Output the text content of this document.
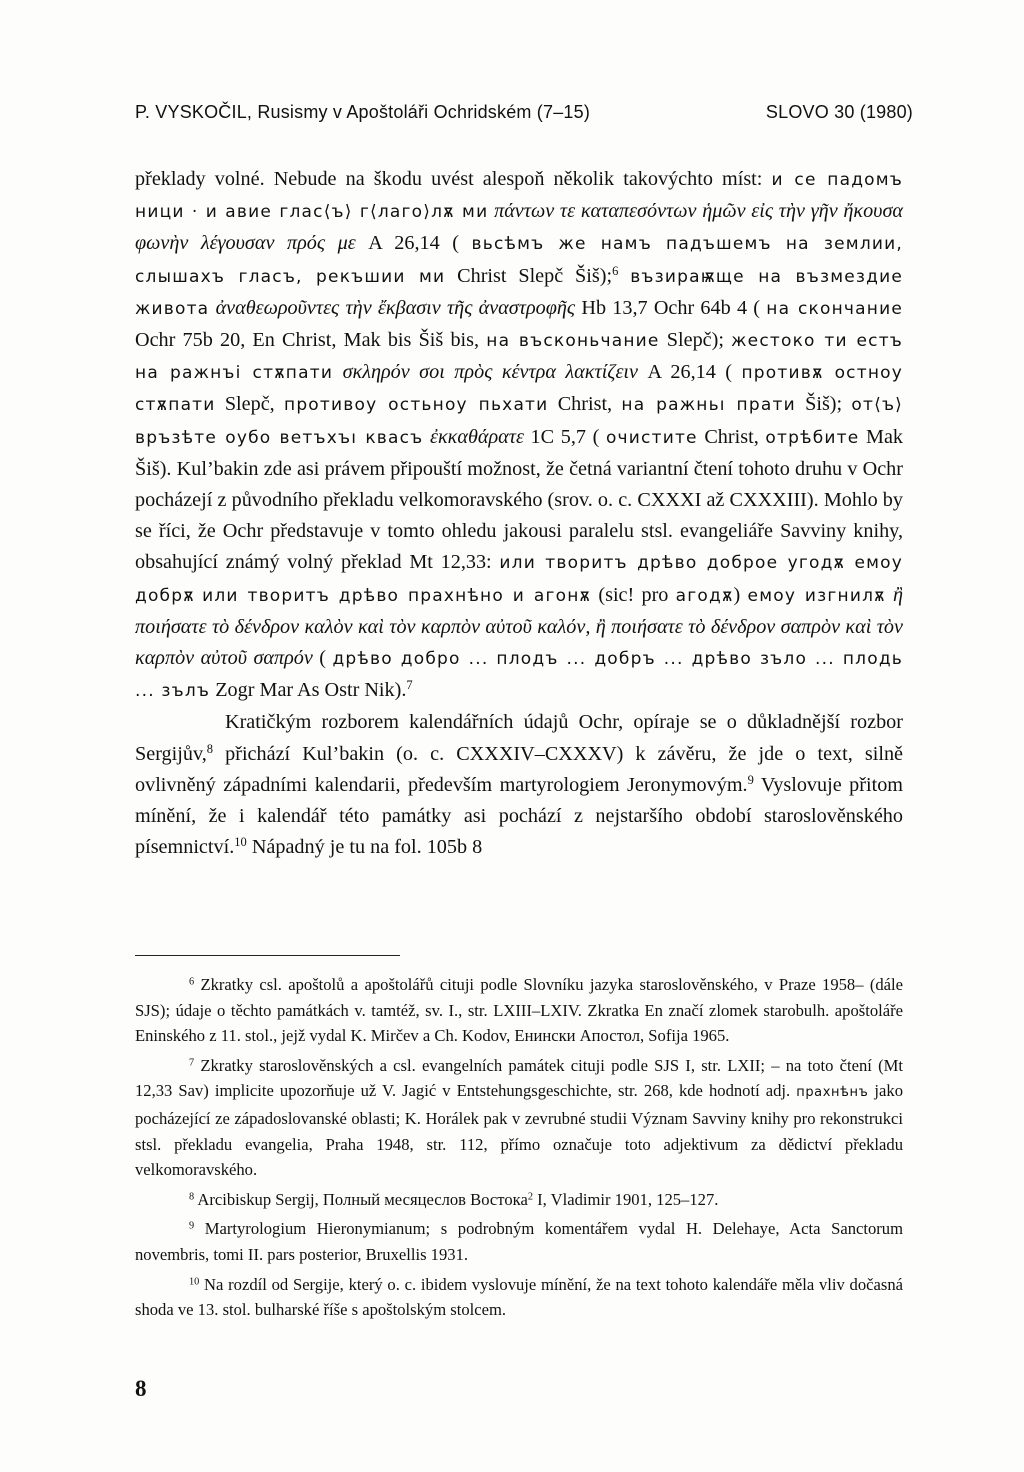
P. VYSKOČIL, Rusismy v Apoštoláři Ochridském (7–15)	SLOVO 30 (1980)

překlady volné. Nebude na škodu uvést alespoň několik takovýchto míst: и се падомъ ници · и авие глас⟨ъ⟩ г⟨лаго⟩лѫ ми πάντων τε καταπεσόντων ἡμῶν εἰς τὴν γῆν ἤκουσα φωνὴν λέγουσαν πρός με A 26,14 ( вьсѣмъ же намъ падъшемъ на землии, слышахъ гласъ, рекъшии ми Christ Slepč Šiš);$^6$ възираѭще на възмездие живота ἀναθεωροῦντες τὴν ἔκβασιν τῆς ἀναστροφῆς Hb 13,7 Ochr 64b 4 ( на скончание Ochr 75b 20, En Christ, Mak bis Šiš bis, на въсконьчание Slepč); жестоко ти естъ на ражнъі стѫпати σκληρόν σοι πρὸς κέντρα λακτίζειν A 26,14 ( противѫ остноу стѫпати Slepč, противоу остьноу пьхати Christ, на ражньı прати Šiš); от⟨ъ⟩връзѣте оубо ветъхъı квасъ ἐκκαθάρατε 1C 5,7 ( очистите Christ, отрѣбите Mak Šiš). Kul’bakin zde asi právem připouští možnost, že četná variantní čtení tohoto druhu v Ochr pocházejí z původního překladu velkomoravského (srov. o. c. CXXXI až CXXXIII). Mohlo by se říci, že Ochr představuje v tomto ohledu jakousi paralelu stsl. evangeliáře Savviny knihy, obsahující známý volný překlad Mt 12,33: или творитъ дрѣво доброе угодѫ емоу добрѫ или творитъ дрѣво прахнѣно и агонѫ (sic! pro агодѫ) емоу изгнилѫ ἢ ποιήσατε τὸ δένδρον καλὸν καὶ τὸν καρπὸν αὐτοῦ καλόν, ἢ ποιήσατε τὸ δένδρον σαπρὸν καὶ τὸν καρπὸν αὐτοῦ σαπρόν ( дрѣво добро ... плодъ ... добръ ... дрѣво зъло ... плодь ... зълъ Zogr Mar As Ostr Nik).$^7$

Kratičkým rozborem kalendářních údajů Ochr, opíraje se o důkladnější rozbor Sergijův,$^8$ přichází Kul’bakin (o. c. CXXXIV–CXXXV) k závěru, že jde o text, silně ovlivněný západními kalendarii, především martyrologiem Jeronymovým.$^9$ Vyslovuje přitom mínění, že i kalendář této památky asi pochází z nejstaršího období staroslověnského písemnictví.$^{10}$ Nápadný je tu na fol. 105b 8

$^6$ Zkratky csl. apoštolů a apoštolářů cituji podle Slovníku jazyka staroslověnského, v Praze 1958– (dále SJS); údaje o těchto památkách v. tamtéž, sv. I., str. LXIII–LXIV. Zkratka En značí zlomek starobulh. apoštoláře Eninského z 11. stol., jejž vydal K. Mirčev a Ch. Kodov, Енински Апостол, Sofija 1965.

$^7$ Zkratky staroslověnských a csl. evangelních památek cituji podle SJS I, str. LXII; – na toto čtení (Mt 12,33 Sav) implicite upozorňuje už V. Jagić v Entstehungsgeschichte, str. 268, kde hodnotí adj. прахнѣнъ jako pocházející ze západoslovanské oblasti; K. Horálek pak v zevrubné studii Význam Savviny knihy pro rekonstrukci stsl. překladu evangelia, Praha 1948, str. 112, přímo označuje toto adjektivum za dědictví překladu velkomoravského.

$^8$ Arcibiskup Sergij, Полный месяцеслов Востока$^2$ I, Vladimir 1901, 125–127.

$^9$ Martyrologium Hieronymianum; s podrobným komentářem vydal H. Delehaye, Acta Sanctorum novembris, tomi II. pars posterior, Bruxellis 1931.

$^{10}$ Na rozdíl od Sergije, který o. c. ibidem vyslovuje mínění, že na text tohoto kalendáře měla vliv dočasná shoda ve 13. stol. bulharské říše s apoštolským stolcem.

8
